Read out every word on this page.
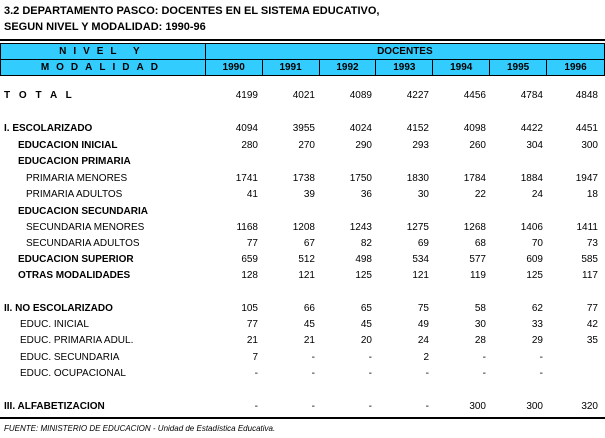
3.2 DEPARTAMENTO PASCO: DOCENTES EN EL SISTEMA EDUCATIVO,
SEGUN NIVEL Y MODALIDAD: 1990-96
NIVEL Y	DOCENTES						
MODALIDAD	1990	1991	1992	1993	1994	1995	1996
T O T A L	4199	4021	4089	4227	4456	4784	4848
I. ESCOLARIZADO	4094	3955	4024	4152	4098	4422	4451
EDUCACION INICIAL	280	270	290	293	260	304	300
EDUCACION PRIMARIA
PRIMARIA MENORES	1741	1738	1750	1830	1784	1884	1947
PRIMARIA ADULTOS	41	39	36	30	22	24	18
EDUCACION SECUNDARIA
SECUNDARIA MENORES	1168	1208	1243	1275	1268	1406	1411
SECUNDARIA ADULTOS	77	67	82	69	68	70	73
EDUCACION SUPERIOR	659	512	498	534	577	609	585
OTRAS MODALIDADES	128	121	125	121	119	125	117
II. NO ESCOLARIZADO	105	66	65	75	58	62	77
EDUC. INICIAL	77	45	45	49	30	33	42
EDUC. PRIMARIA ADUL.	21	21	20	24	28	29	35
EDUC. SECUNDARIA	7	-	-	2	-	-
EDUC. OCUPACIONAL	-	-	-	-	-	-
III. ALFABETIZACION	-	-	-	-	300	300	320
FUENTE: MINISTERIO DE EDUCACION - Unidad de Estadística Educativa.
